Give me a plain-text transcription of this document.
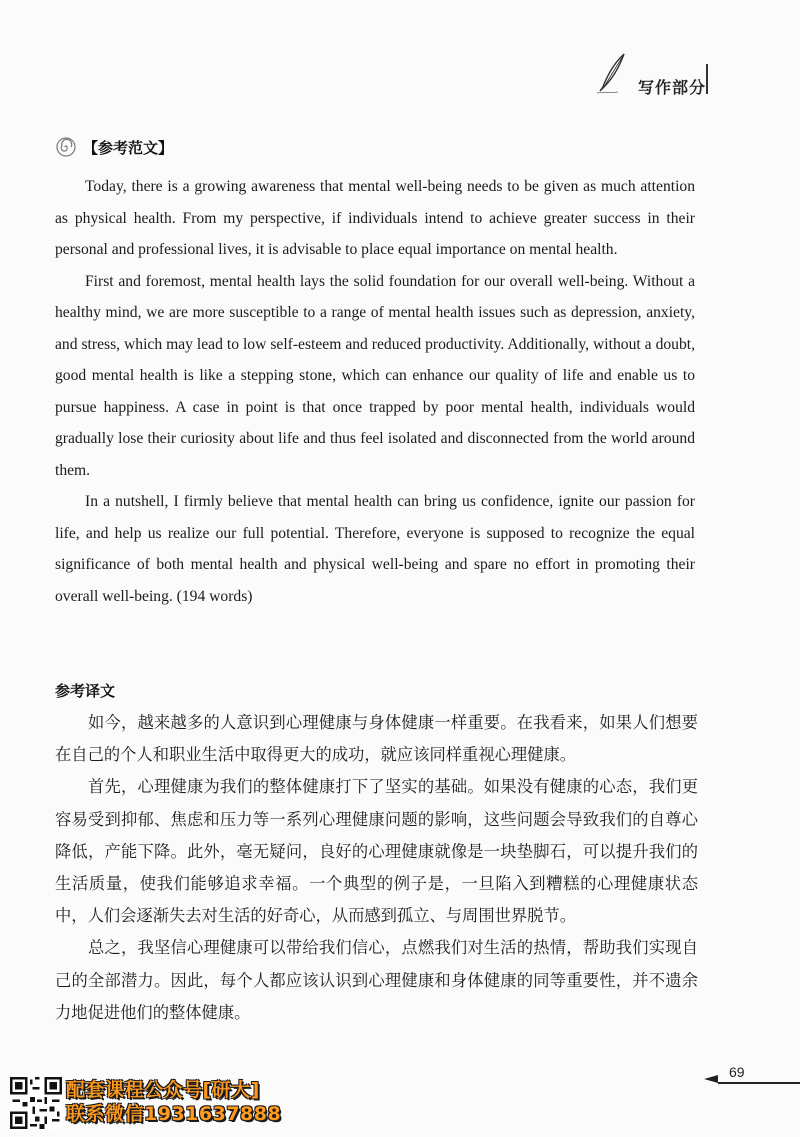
写作部分
【参考范文】

Today, there is a growing awareness that mental well-being needs to be given as much attention as physical health. From my perspective, if individuals intend to achieve greater success in their personal and professional lives, it is advisable to place equal importance on mental health.

First and foremost, mental health lays the solid foundation for our overall well-being. Without a healthy mind, we are more susceptible to a range of mental health issues such as depression, anxiety, and stress, which may lead to low self-esteem and reduced productivity. Additionally, without a doubt, good mental health is like a stepping stone, which can enhance our quality of life and enable us to pursue happiness. A case in point is that once trapped by poor mental health, individuals would gradually lose their curiosity about life and thus feel isolated and disconnected from the world around them.

In a nutshell, I firmly believe that mental health can bring us confidence, ignite our passion for life, and help us realize our full potential. Therefore, everyone is supposed to recognize the equal significance of both mental health and physical well-being and spare no effort in promoting their overall well-being. (194 words)

参考译文

如今，越来越多的人意识到心理健康与身体健康一样重要。在我看来，如果人们想要在自己的个人和职业生活中取得更大的成功，就应该同样重视心理健康。

首先，心理健康为我们的整体健康打下了坚实的基础。如果没有健康的心态，我们更容易受到抑郁、焦虑和压力等一系列心理健康问题的影响，这些问题会导致我们的自尊心降低，产能下降。此外，毫无疑问，良好的心理健康就像是一块垫脚石，可以提升我们的生活质量，使我们能够追求幸福。一个典型的例子是，一旦陷入到糟糕的心理健康状态中，人们会逐渐失去对生活的好奇心，从而感到孤立、与周围世界脱节。

总之，我坚信心理健康可以带给我们信心，点燃我们对生活的热情，帮助我们实现自己的全部潜力。因此，每个人都应该认识到心理健康和身体健康的同等重要性，并不遗余力地促进他们的整体健康。

69
配套课程公众号[研大]
联系微信1931637888
